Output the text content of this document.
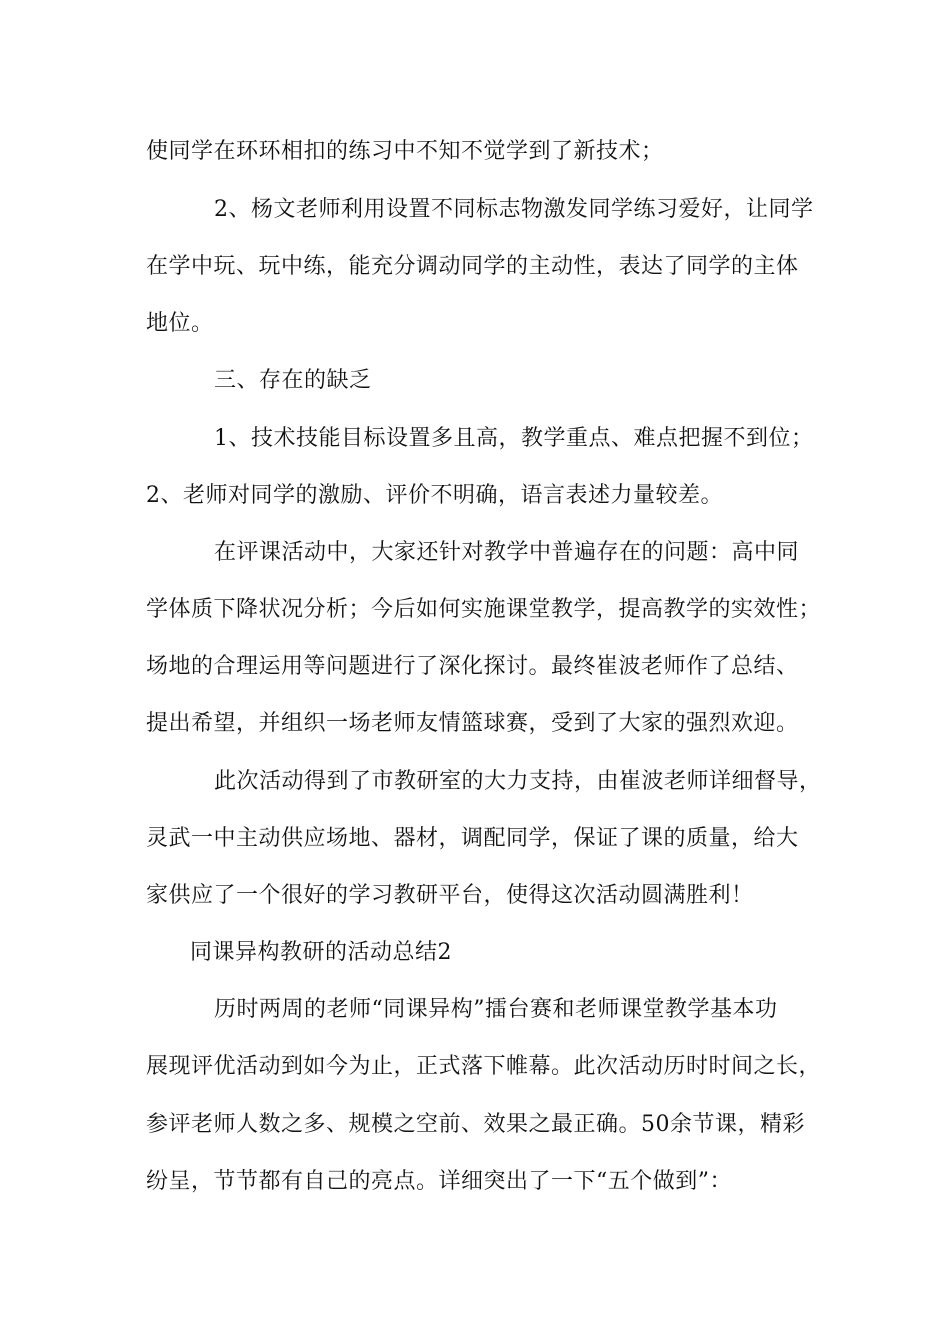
使同学在环环相扣的练习中不知不觉学到了新技术；
2、杨文老师利用设置不同标志物激发同学练习爱好，让同学
在学中玩、玩中练，能充分调动同学的主动性，表达了同学的主体
地位。
三、存在的缺乏
1、技术技能目标设置多且高，教学重点、难点把握不到位；
2、老师对同学的激励、评价不明确，语言表述力量较差。
在评课活动中，大家还针对教学中普遍存在的问题：高中同
学体质下降状况分析；今后如何实施课堂教学，提高教学的实效性；
场地的合理运用等问题进行了深化探讨。最终崔波老师作了总结、
提出希望，并组织一场老师友情篮球赛，受到了大家的强烈欢迎。
此次活动得到了市教研室的大力支持，由崔波老师详细督导，
灵武一中主动供应场地、器材，调配同学，保证了课的质量，给大
家供应了一个很好的学习教研平台，使得这次活动圆满胜利！
同课异构教研的活动总结2
历时两周的老师“同课异构”擂台赛和老师课堂教学基本功
展现评优活动到如今为止，正式落下帷幕。此次活动历时时间之长，
参评老师人数之多、规模之空前、效果之最正确。50余节课，精彩
纷呈，节节都有自己的亮点。详细突出了一下“五个做到”：
